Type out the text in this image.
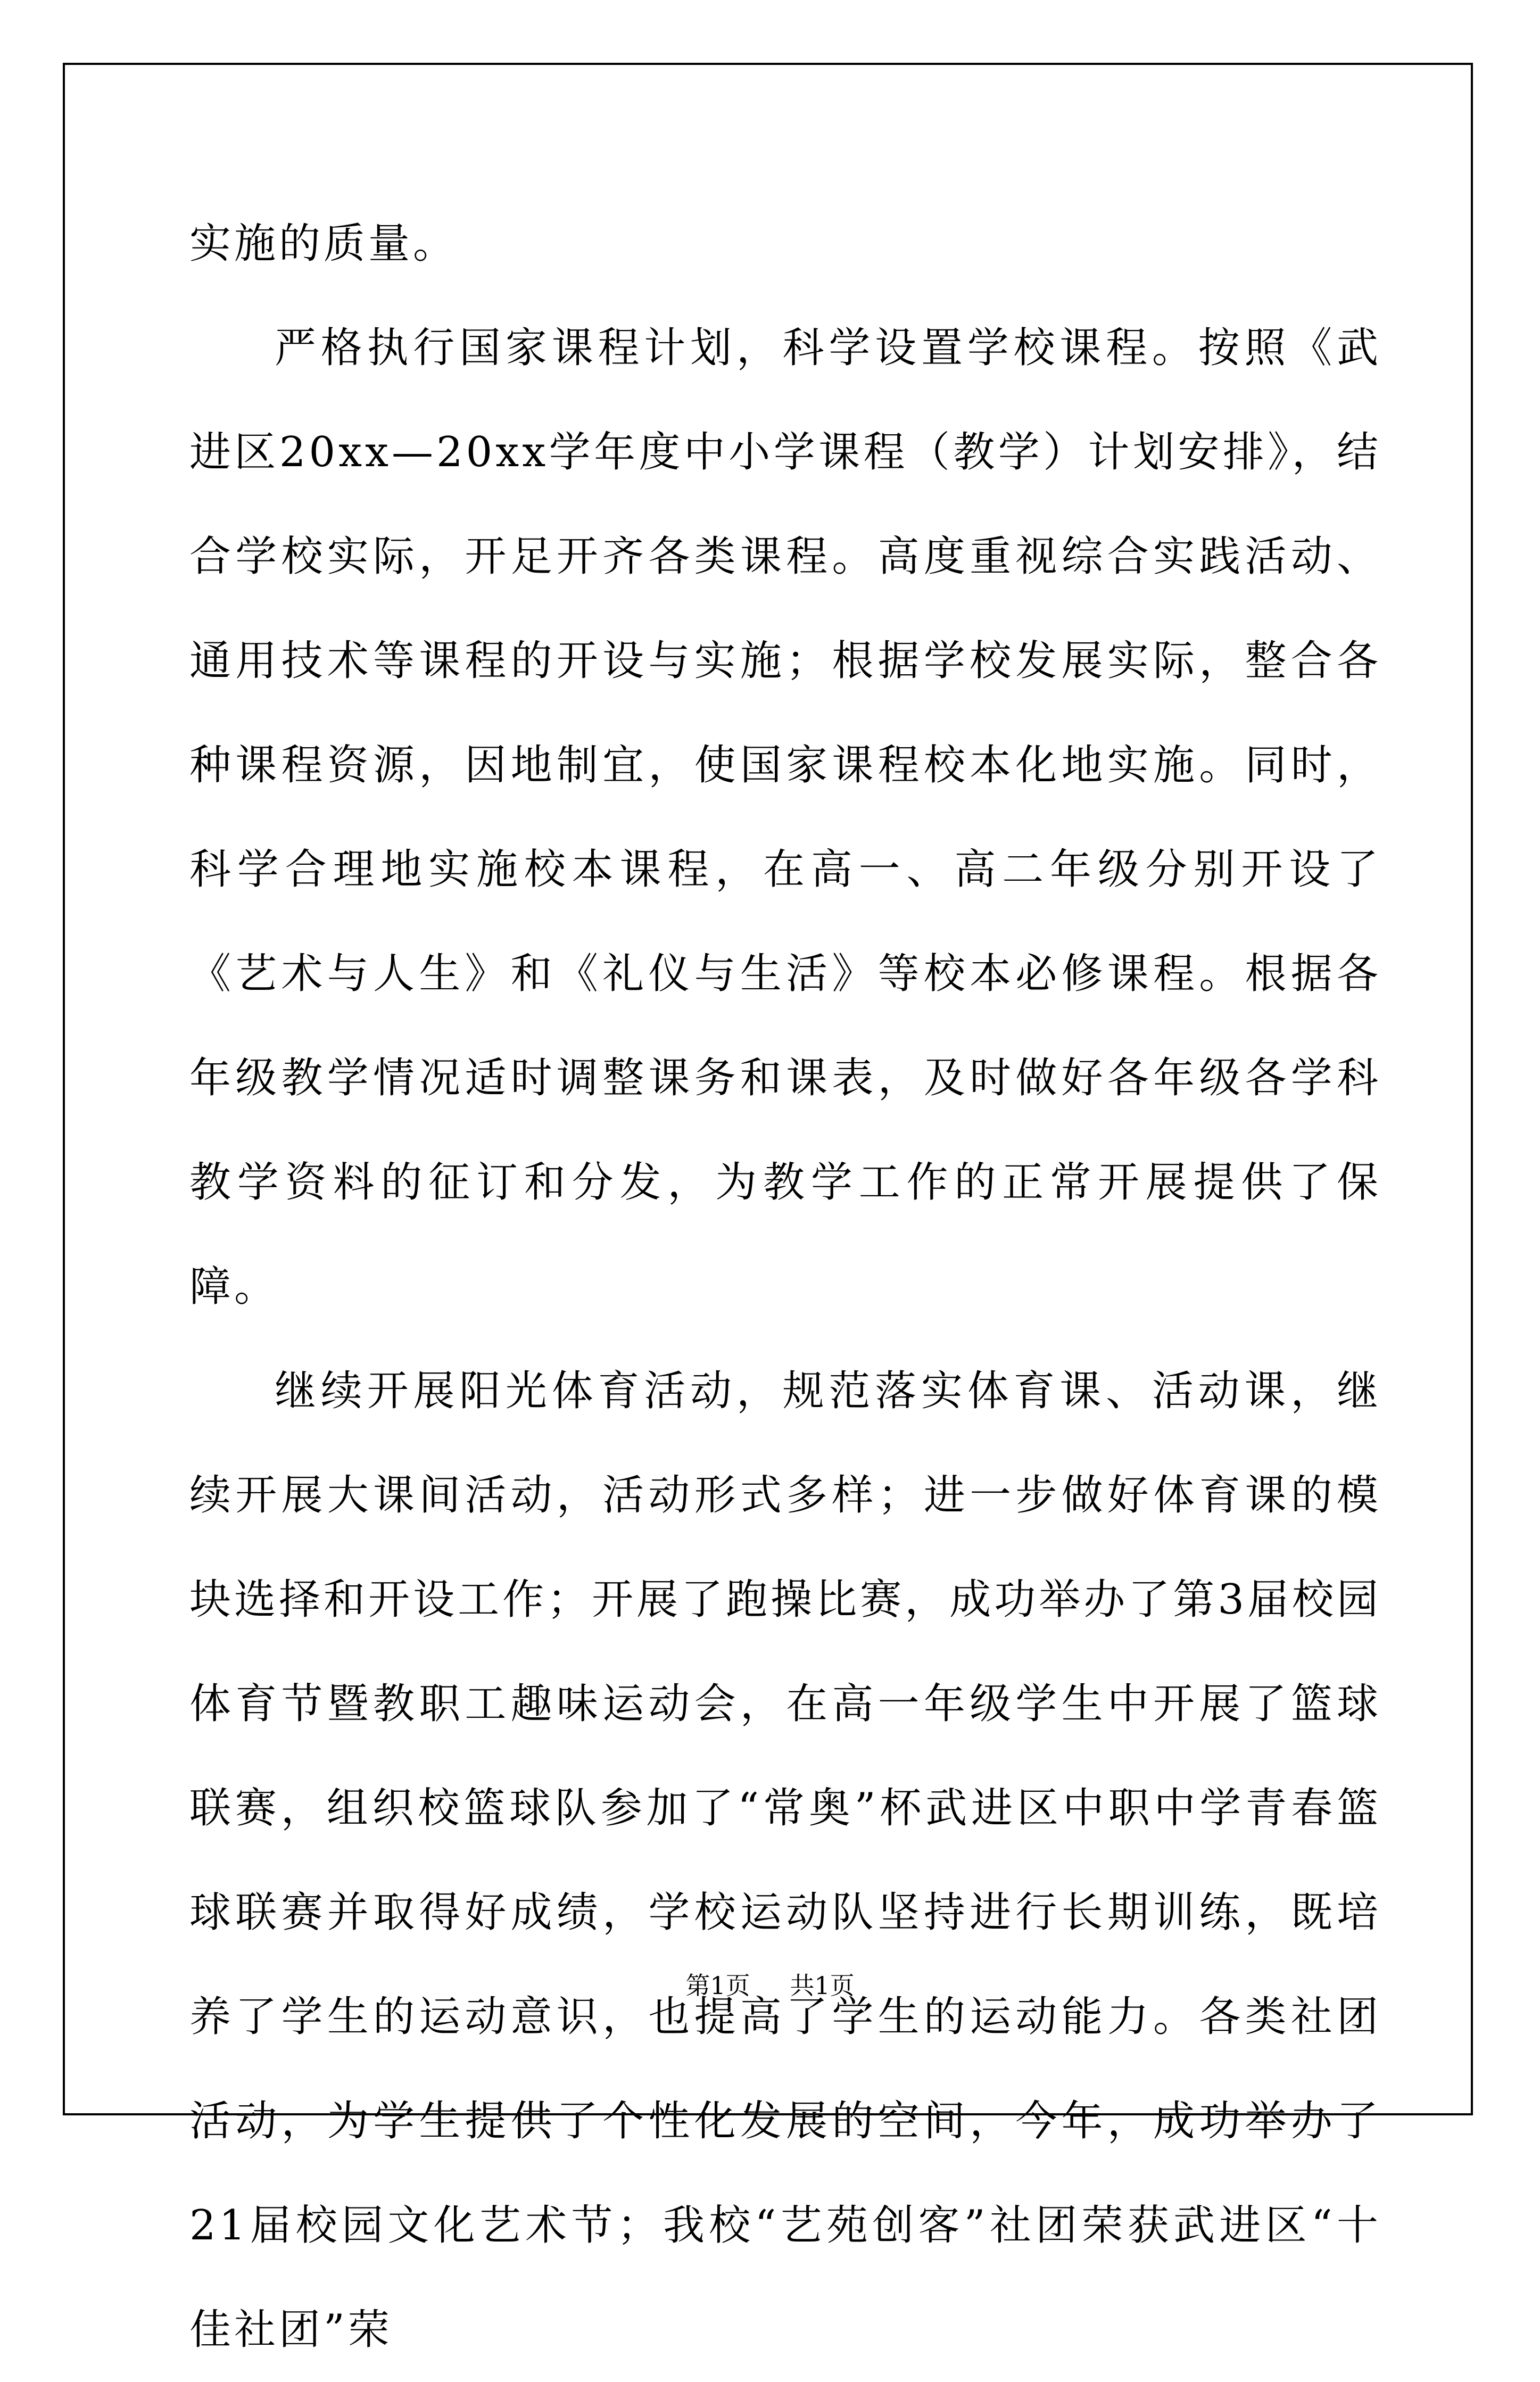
实施的质量。

严格执行国家课程计划，科学设置学校课程。按照《武进区20xx—20xx学年度中小学课程（教学）计划安排》，结合学校实际，开足开齐各类课程。高度重视综合实践活动、通用技术等课程的开设与实施；根据学校发展实际，整合各种课程资源，因地制宜，使国家课程校本化地实施。同时，科学合理地实施校本课程，在高一、高二年级分别开设了《艺术与人生》和《礼仪与生活》等校本必修课程。根据各年级教学情况适时调整课务和课表，及时做好各年级各学科教学资料的征订和分发，为教学工作的正常开展提供了保障。

继续开展阳光体育活动，规范落实体育课、活动课，继续开展大课间活动，活动形式多样；进一步做好体育课的模块选择和开设工作；开展了跑操比赛，成功举办了第3届校园体育节暨教职工趣味运动会，在高一年级学生中开展了篮球联赛，组织校篮球队参加了“常奥”杯武进区中职中学青春篮球联赛并取得好成绩，学校运动队坚持进行长期训练，既培养了学生的运动意识，也提高了学生的运动能力。各类社团活动，为学生提供了个性化发展的空间，今年，成功举办了21届校园文化艺术节；我校“艺苑创客”社团荣获武进区“十佳社团”荣

第1页 共1页
